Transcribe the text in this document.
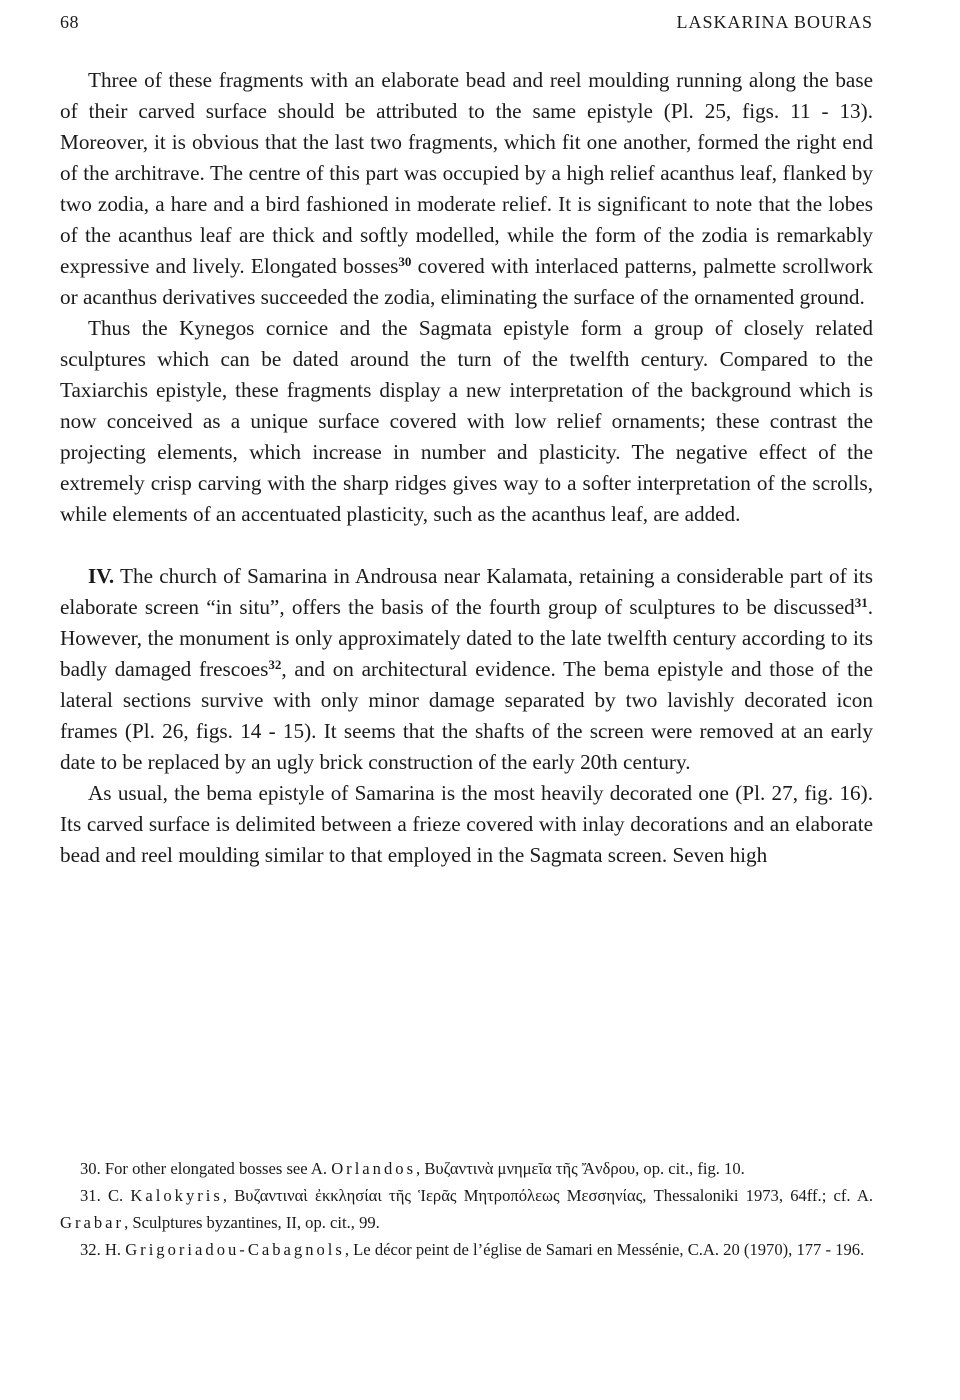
68	LASKARINA BOURAS

Three of these fragments with an elaborate bead and reel moulding running along the base of their carved surface should be attributed to the same epistyle (Pl. 25, figs. 11 - 13). Moreover, it is obvious that the last two fragments, which fit one another, formed the right end of the architrave. The centre of this part was occupied by a high relief acanthus leaf, flanked by two zodia, a hare and a bird fashioned in moderate relief. It is significant to note that the lobes of the acanthus leaf are thick and softly modelled, while the form of the zodia is remarkably expressive and lively. Elongated bosses$^{30}$ covered with interlaced patterns, palmette scrollwork or acanthus derivatives succeeded the zodia, eliminating the surface of the ornamented ground.

Thus the Kynegos cornice and the Sagmata epistyle form a group of closely related sculptures which can be dated around the turn of the twelfth century. Compared to the Taxiarchis epistyle, these fragments display a new interpretation of the background which is now conceived as a unique surface covered with low relief ornaments; these contrast the projecting elements, which increase in number and plasticity. The negative effect of the extremely crisp carving with the sharp ridges gives way to a softer interpretation of the scrolls, while elements of an accentuated plasticity, such as the acanthus leaf, are added.

IV. The church of Samarina in Androusa near Kalamata, retaining a considerable part of its elaborate screen “in situ”, offers the basis of the fourth group of sculptures to be discussed$^{31}$. However, the monument is only approximately dated to the late twelfth century according to its badly damaged frescoes$^{32}$, and on architectural evidence. The bema epistyle and those of the lateral sections survive with only minor damage separated by two lavishly decorated icon frames (Pl. 26, figs. 14 - 15). It seems that the shafts of the screen were removed at an early date to be replaced by an ugly brick construction of the early 20th century.

As usual, the bema epistyle of Samarina is the most heavily decorated one (Pl. 27, fig. 16). Its carved surface is delimited between a frieze covered with inlay decorations and an elaborate bead and reel moulding similar to that employed in the Sagmata screen. Seven high

30. For other elongated bosses see A. Orlandos, Βυζαντινὰ μνημεῖα τῆς Ἄνδρου, op. cit., fig. 10.

31. C. Kalokyris, Βυζαντιναὶ ἐκκλησίαι τῆς Ἱερᾶς Μητροπόλεως Μεσσηνίας, Thessaloniki 1973, 64ff.; cf. A. Grabar, Sculptures byzantines, II, op. cit., 99.

32. H. Grigoriadou-Cabagnols, Le décor peint de l’église de Samari en Messénie, C.A. 20 (1970), 177 - 196.
